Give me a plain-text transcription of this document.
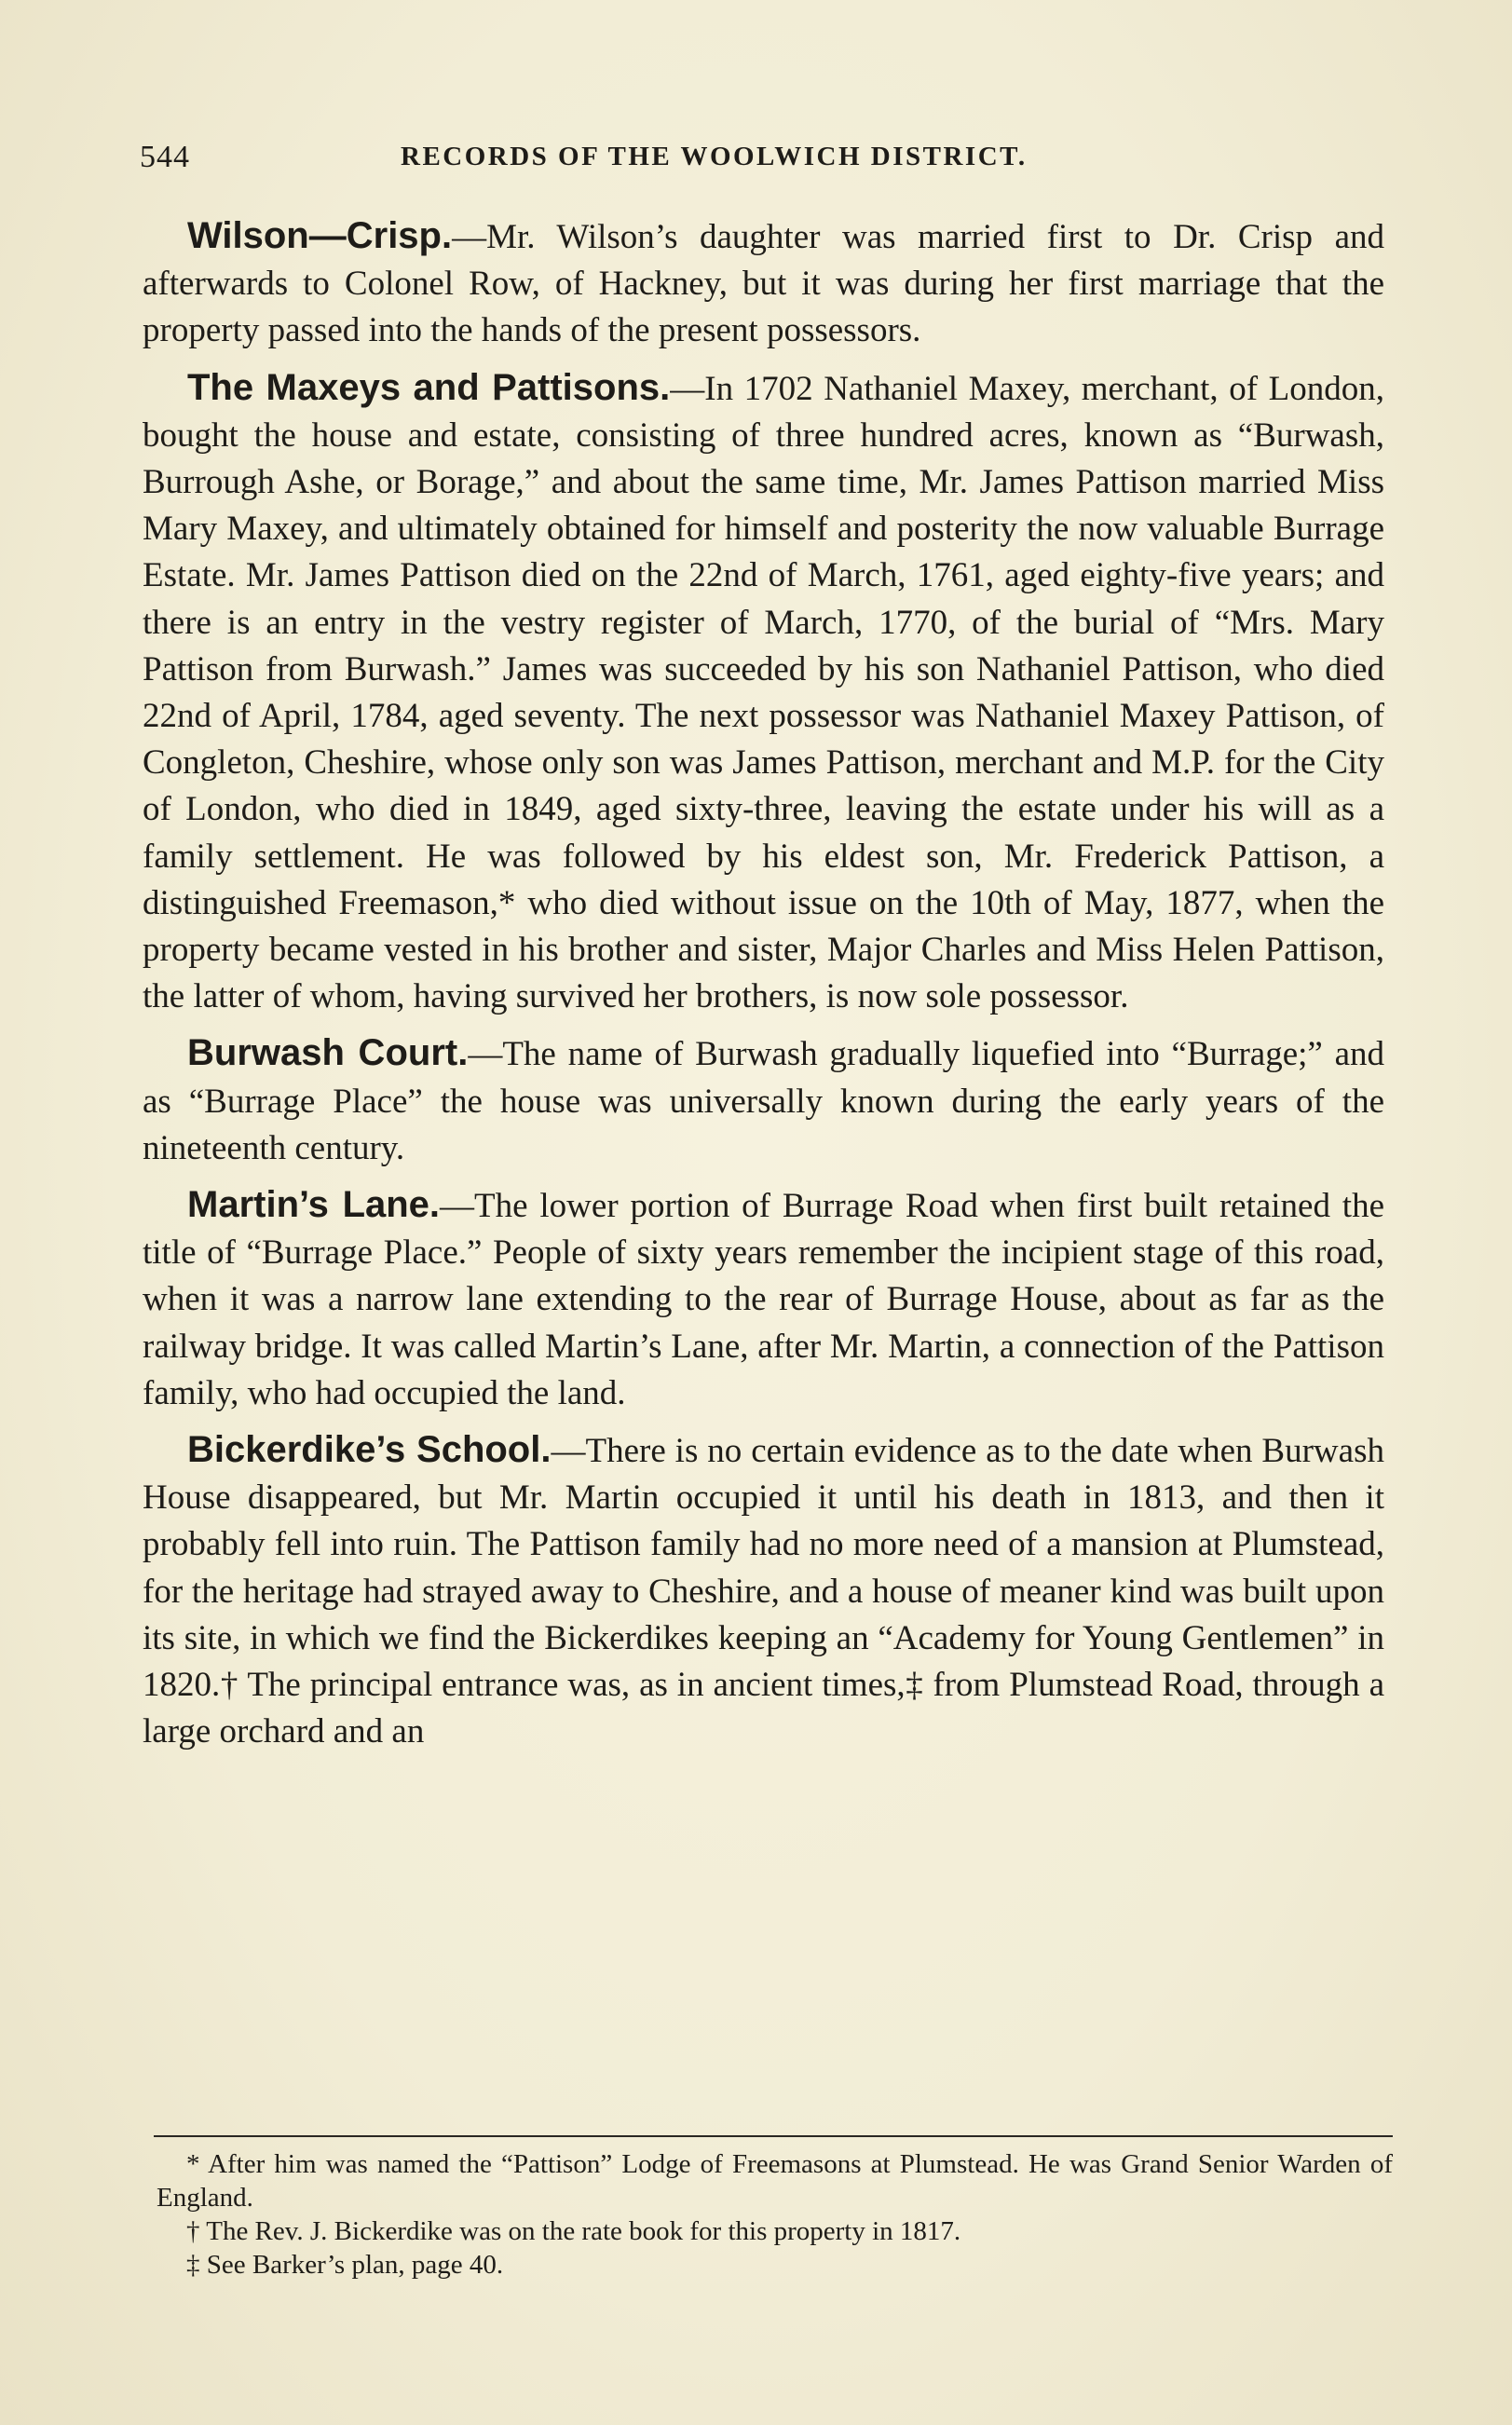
544	RECORDS OF THE WOOLWICH DISTRICT.

Wilson—Crisp.—Mr. Wilson’s daughter was married first to Dr. Crisp and afterwards to Colonel Row, of Hackney, but it was during her first marriage that the property passed into the hands of the present possessors.

The Maxeys and Pattisons.—In 1702 Nathaniel Maxey, merchant, of London, bought the house and estate, consisting of three hundred acres, known as “Burwash, Burrough Ashe, or Borage,” and about the same time, Mr. James Pattison married Miss Mary Maxey, and ultimately obtained for himself and posterity the now valuable Burrage Estate. Mr. James Pattison died on the 22nd of March, 1761, aged eighty-five years; and there is an entry in the vestry register of March, 1770, of the burial of “Mrs. Mary Pattison from Burwash.” James was succeeded by his son Nathaniel Pattison, who died 22nd of April, 1784, aged seventy. The next possessor was Nathaniel Maxey Pattison, of Congleton, Cheshire, whose only son was James Pattison, merchant and M.P. for the City of London, who died in 1849, aged sixty-three, leaving the estate under his will as a family settlement. He was followed by his eldest son, Mr. Frederick Pattison, a distinguished Freemason,* who died without issue on the 10th of May, 1877, when the property became vested in his brother and sister, Major Charles and Miss Helen Pattison, the latter of whom, having survived her brothers, is now sole possessor.

Burwash Court.—The name of Burwash gradually liquefied into “Burrage;” and as “Burrage Place” the house was universally known during the early years of the nineteenth century.

Martin’s Lane.—The lower portion of Burrage Road when first built retained the title of “Burrage Place.” People of sixty years remember the incipient stage of this road, when it was a narrow lane extending to the rear of Burrage House, about as far as the railway bridge. It was called Martin’s Lane, after Mr. Martin, a connection of the Pattison family, who had occupied the land.

Bickerdike’s School.—There is no certain evidence as to the date when Burwash House disappeared, but Mr. Martin occupied it until his death in 1813, and then it probably fell into ruin. The Pattison family had no more need of a mansion at Plumstead, for the heritage had strayed away to Cheshire, and a house of meaner kind was built upon its site, in which we find the Bickerdikes keeping an “Academy for Young Gentlemen” in 1820.† The principal entrance was, as in ancient times,‡ from Plumstead Road, through a large orchard and an

* After him was named the “Pattison” Lodge of Freemasons at Plumstead. He was Grand Senior Warden of England.

† The Rev. J. Bickerdike was on the rate book for this property in 1817.

‡ See Barker’s plan, page 40.
